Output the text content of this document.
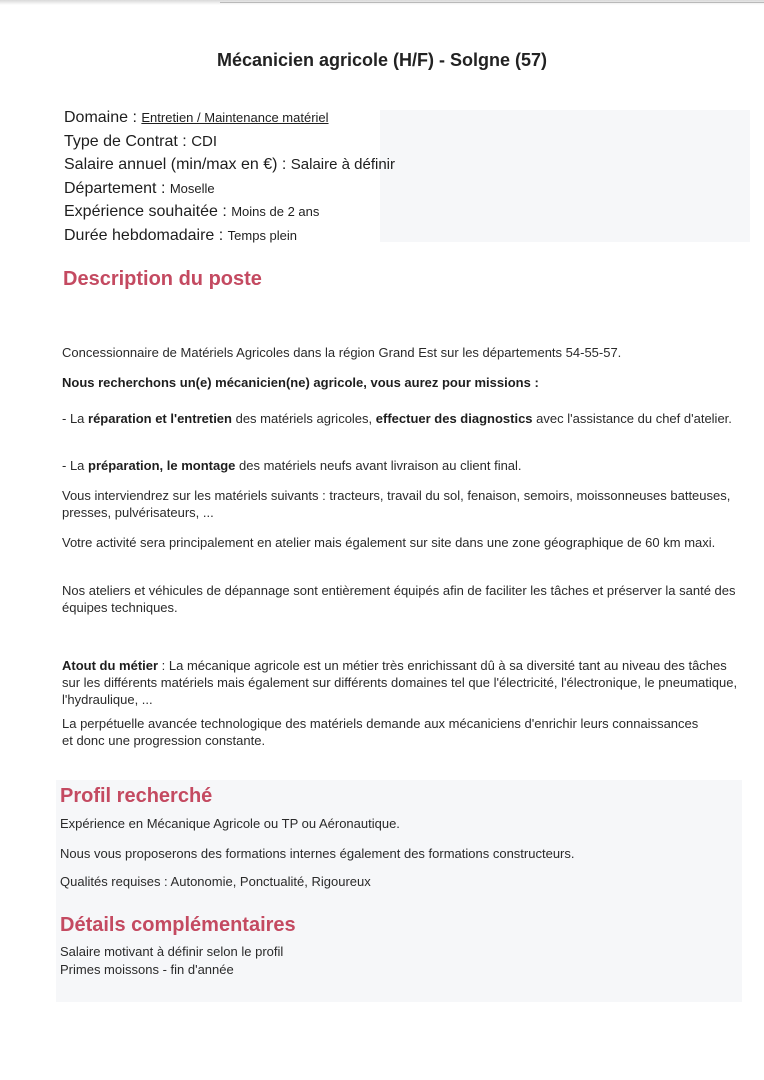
Mécanicien agricole (H/F) - Solgne (57)
Domaine : Entretien / Maintenance matériel
Type de Contrat : CDI
Salaire annuel (min/max en €) : Salaire à définir
Département : Moselle
Expérience souhaitée : Moins de 2 ans
Durée hebdomadaire : Temps plein
Description du poste
Concessionnaire de Matériels Agricoles dans la région Grand Est sur les départements 54-55-57.
Nous recherchons un(e) mécanicien(ne) agricole, vous aurez pour missions :
- La réparation et l'entretien des matériels agricoles, effectuer des diagnostics avec l'assistance du chef d'atelier.
- La préparation, le montage des matériels neufs avant livraison au client final.
Vous interviendrez sur les matériels suivants : tracteurs, travail du sol, fenaison, semoirs, moissonneuses batteuses, presses, pulvérisateurs, ...
Votre activité sera principalement en atelier mais également sur site dans une zone géographique de 60 km maxi.
Nos ateliers et véhicules de dépannage sont entièrement équipés afin de faciliter les tâches et préserver la santé des équipes techniques.
Atout du métier : La mécanique agricole est un métier très enrichissant dû à sa diversité tant au niveau des tâches sur les différents matériels mais également sur différents domaines tel que l'électricité, l'électronique, le pneumatique, l'hydraulique, ...
La perpétuelle avancée technologique des matériels demande aux mécaniciens d'enrichir leurs connaissances et donc une progression constante.
Profil recherché
Expérience en Mécanique Agricole ou TP ou Aéronautique.
Nous vous proposerons des formations internes également des formations constructeurs.
Qualités requises : Autonomie, Ponctualité, Rigoureux
Détails complémentaires
Salaire motivant à définir selon le profil
Primes moissons - fin d'année
